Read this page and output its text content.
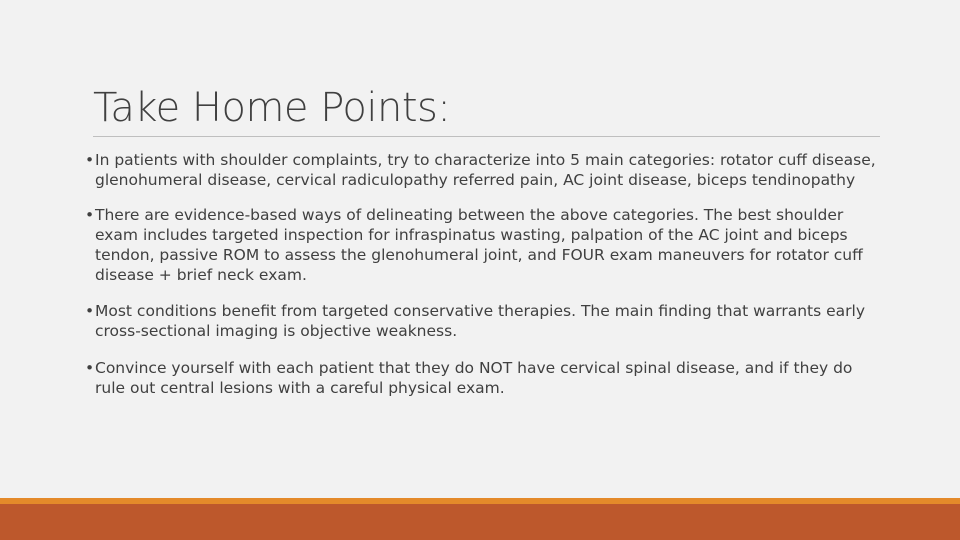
Take Home Points:
• In patients with shoulder complaints, try to characterize into 5 main categories: rotator cuff disease, glenohumeral disease, cervical radiculopathy referred pain, AC joint disease, biceps tendinopathy
• There are evidence-based ways of delineating between the above categories. The best shoulder exam includes targeted inspection for infraspinatus wasting, palpation of the AC joint and biceps tendon, passive ROM to assess the glenohumeral joint, and FOUR exam maneuvers for rotator cuff disease + brief neck exam.
• Most conditions benefit from targeted conservative therapies. The main finding that warrants early cross-sectional imaging is objective weakness.
• Convince yourself with each patient that they do NOT have cervical spinal disease, and if they do rule out central lesions with a careful physical exam.
